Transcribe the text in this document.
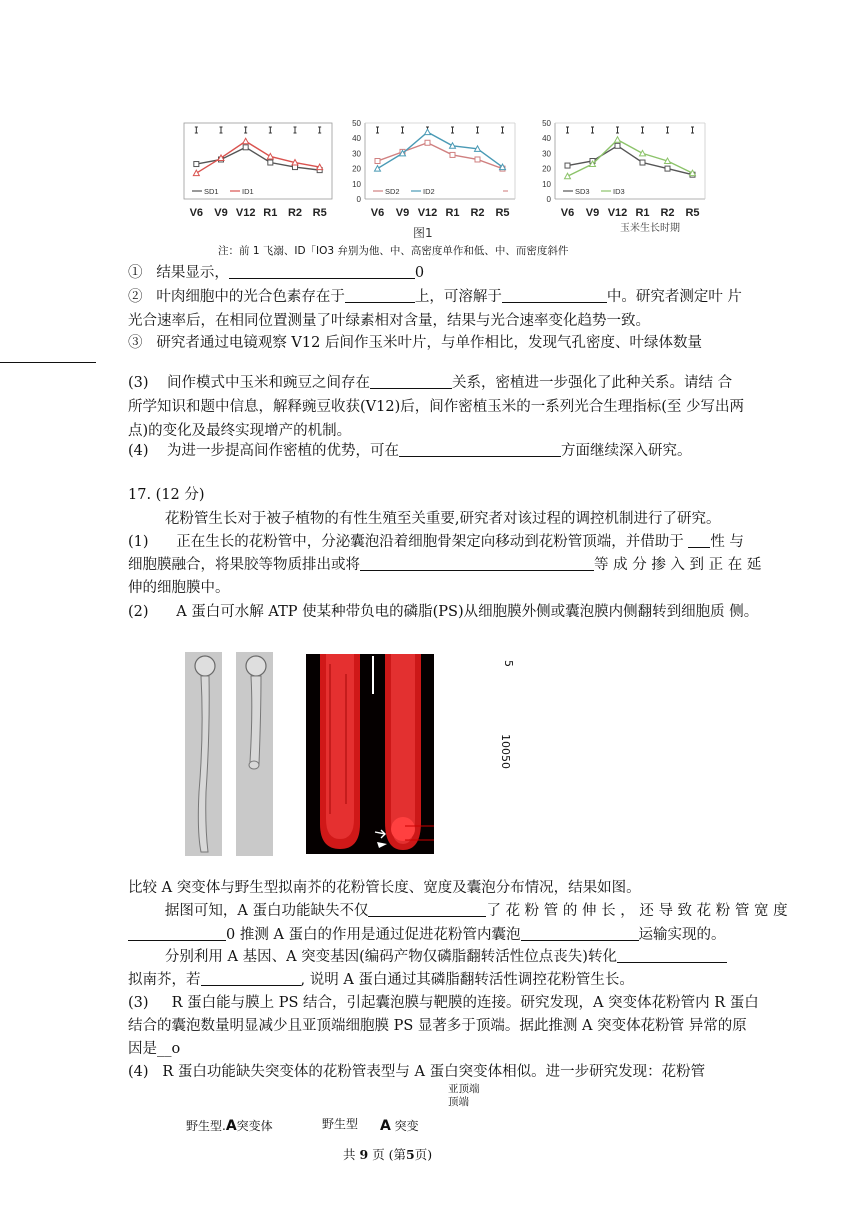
V6 V9 V12 R1 R2 R5
SD1	ID1
0
10
20
30
40
50
V6 V9 V12 R1 R2 R5
SD2	ID2
0
10
20
30
40
50
V6 V9 V12 R1 R2 R5
SD3	ID3
玉米生长时期
图1
注：前 1 飞溺、ID「IO3 弁别为他、中、高密度单作和低、中、而密度斜件
① 结果显示，	0
② 叶肉细胞中的光合色素存在于	上，可溶解于	中。研究者测定叶 片
光合速率后，在相同位置测量了叶绿素相对含量，结果与光合速率变化趋势一致。
③ 研究者通过电镜观察 V12 后间作玉米叶片，与单作相比，发现气孔密度、叶绿体数量
(3) 间作模式中玉米和豌豆之间存在	关系，密植进一步强化了此种关系。请结 合
所学知识和题中信息，解释豌豆收获(V12)后，间作密植玉米的一系列光合生理指标(至 少写出两
点)的变化及最终实现增产的机制。
(4) 为进一步提高间作密植的优势，可在	方面继续深入研究。
17. (12 分)
花粉管生长对于被子植物的有性生殖至关重要,研究者对该过程的调控机制进行了研究。
(1) 正在生长的花粉管中，分泌囊泡沿着细胞骨架定向移动到花粉管顶端，并借助于 性 与
细胞膜融合，将果胶等物质排出或将	等 成 分 掺 入 到 正 在 延
伸的细胞膜中。
(2) A 蛋白可水解 ATP 使某种带负电的磷脂(PS)从细胞膜外侧或囊泡膜内侧翻转到细胞质 侧。
5
10050
比较 A 突变体与野生型拟南芥的花粉管长度、宽度及囊泡分布情况，结果如图。
据图可知，A 蛋白功能缺失不仅	了 花 粉 管 的 伸 长 ， 还 导 致 花 粉 管 宽 度
0 推测 A 蛋白的作用是通过促进花粉管内囊泡	运输实现的。
分别利用 A 基因、A 突变基因(编码产物仅磷脂翻转活性位点丧失)转化
拟南芥，若	, 说明 A 蛋白通过其磷脂翻转活性调控花粉管生长。
(3) R 蛋白能与膜上 PS 结合，引起囊泡膜与靶膜的连接。研究发现，A 突变体花粉管内 R 蛋白
结合的囊泡数量明显减少且亚顶端细胞膜 PS 显著多于顶端。据此推测 A 突变体花粉管 异常的原
因是__o
(4) R 蛋白功能缺失突变体的花粉管表型与 A 蛋白突变体相似。进一步研究发现：花粉管
亚顶端
顶端
野生型.A突变体	野生型 A 突变
共 9 页 (第5页)
